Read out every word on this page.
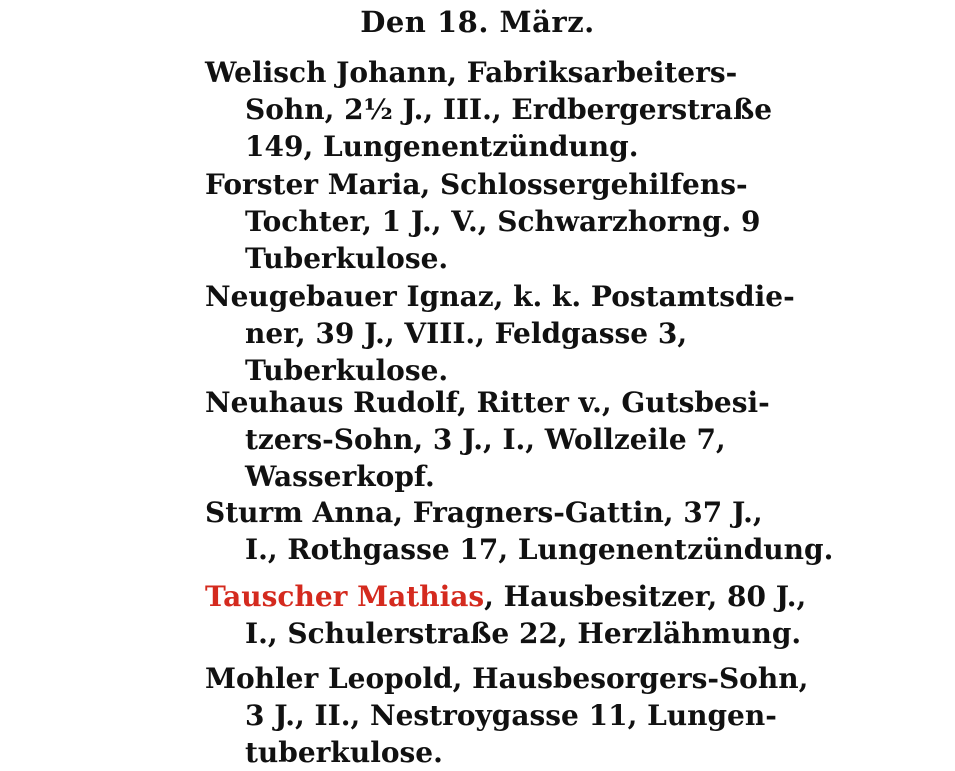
Den 18. März.
Welisch Johann, Fabriksarbeiters-
Sohn, 2½ J., III., Erdbergerstraße
149, Lungenentzündung.
Forster Maria, Schlossergehilfens-
Tochter, 1 J., V., Schwarzhorng. 9
Tuberkulose.
Neugebauer Ignaz, k. k. Postamtsdie-
ner, 39 J., VIII., Feldgasse 3,
Tuberkulose.
Neuhaus Rudolf, Ritter v., Gutsbesi-
tzers-Sohn, 3 J., I., Wollzeile 7,
Wasserkopf.
Sturm Anna, Fragners-Gattin, 37 J.,
I., Rothgasse 17, Lungenentzündung.
Tauscher Mathias, Hausbesitzer, 80 J.,
I., Schulerstraße 22, Herzlähmung.
Mohler Leopold, Hausbesorgers-Sohn,
3 J., II., Nestroygasse 11, Lungen-
tuberkulose.
